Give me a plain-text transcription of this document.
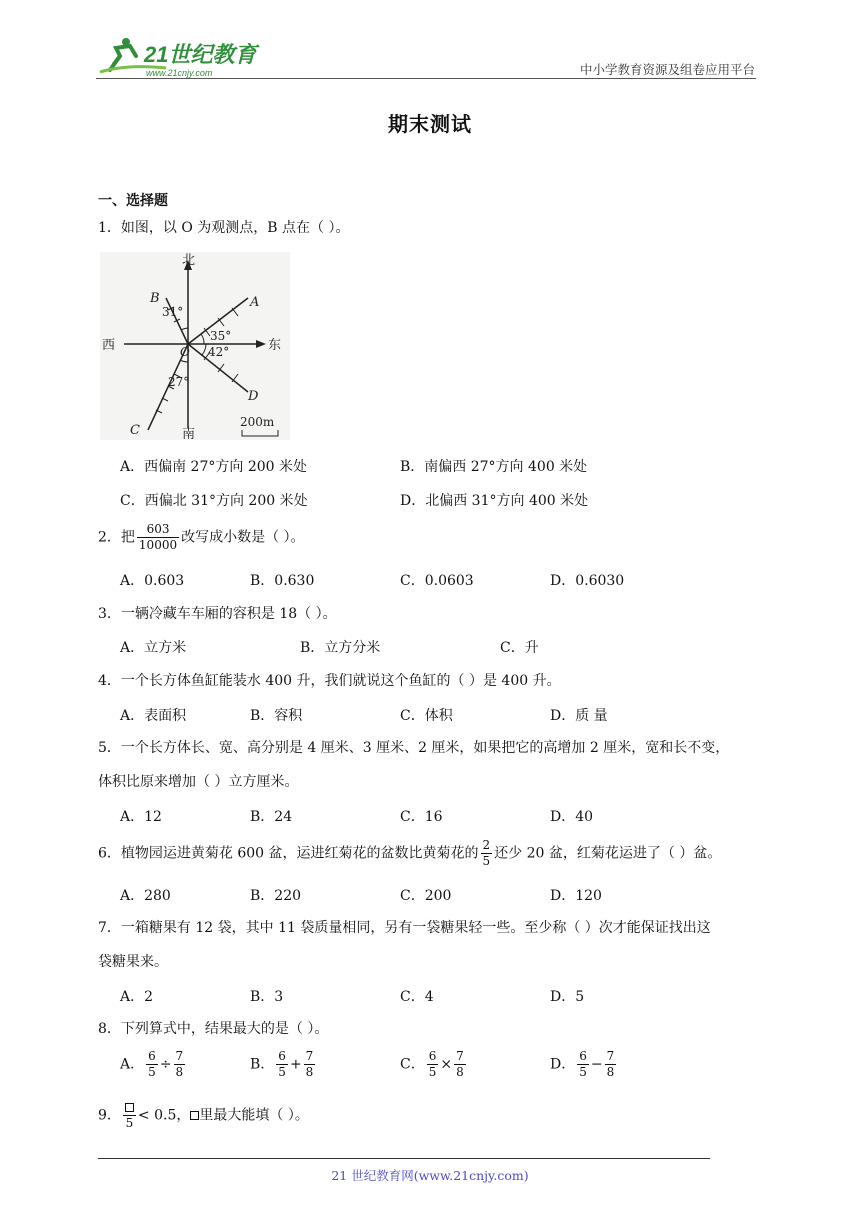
21世纪教育
www.21cnjy.com	中小学教育资源及组卷应用平台
期末测试
一、选择题
1．如图，以 O 为观测点，B 点在（ ）。
北
南
东
西	O
A
B
C
D
31°
35°
42°
27°
200m
A．西偏南 27°方向 200 米处	B．南偏西 27°方向 400 米处
C．西偏北 31°方向 200 米处	D．北偏西 31°方向 400 米处
2．把 $\frac{603}{10000}$ 改写成小数是（ ）。
A．0.603	B．0.630	C．0.0603	D．0.6030
3．一辆冷藏车车厢的容积是 18（ ）。
A．立方米	B．立方分米	C．升
4．一个长方体鱼缸能装水 400 升，我们就说这个鱼缸的（ ）是 400 升。
A．表面积	B．容积	C．体积	D．质 量
5．一个长方体长、宽、高分别是 4 厘米、3 厘米、2 厘米，如果把它的高增加 2 厘米，宽和长不变，
体积比原来增加（ ）立方厘米。
A．12	B．24	C．16	D．40
6．植物园运进黄菊花 600 盆，运进红菊花的盆数比黄菊花的 $\frac{2}{5}$ 还少 20 盆，红菊花运进了（ ）盆。
A．280	B．220	C．200	D．120
7．一箱糖果有 12 袋，其中 11 袋质量相同，另有一袋糖果轻一些。至少称（ ）次才能保证找出这
袋糖果来。
A．2	B．3	C．4	D．5
8．下列算式中，结果最大的是（ ）。
A． $\frac{6}{5} \div \frac{7}{8}$	B． $\frac{6}{5} + \frac{7}{8}$	C． $\frac{6}{5} \times \frac{7}{8}$	D． $\frac{6}{5} - \frac{7}{8}$
9． 5 < 0.5， 里最大能填（ ）。
21 世纪教育网(www.21cnjy.com)
